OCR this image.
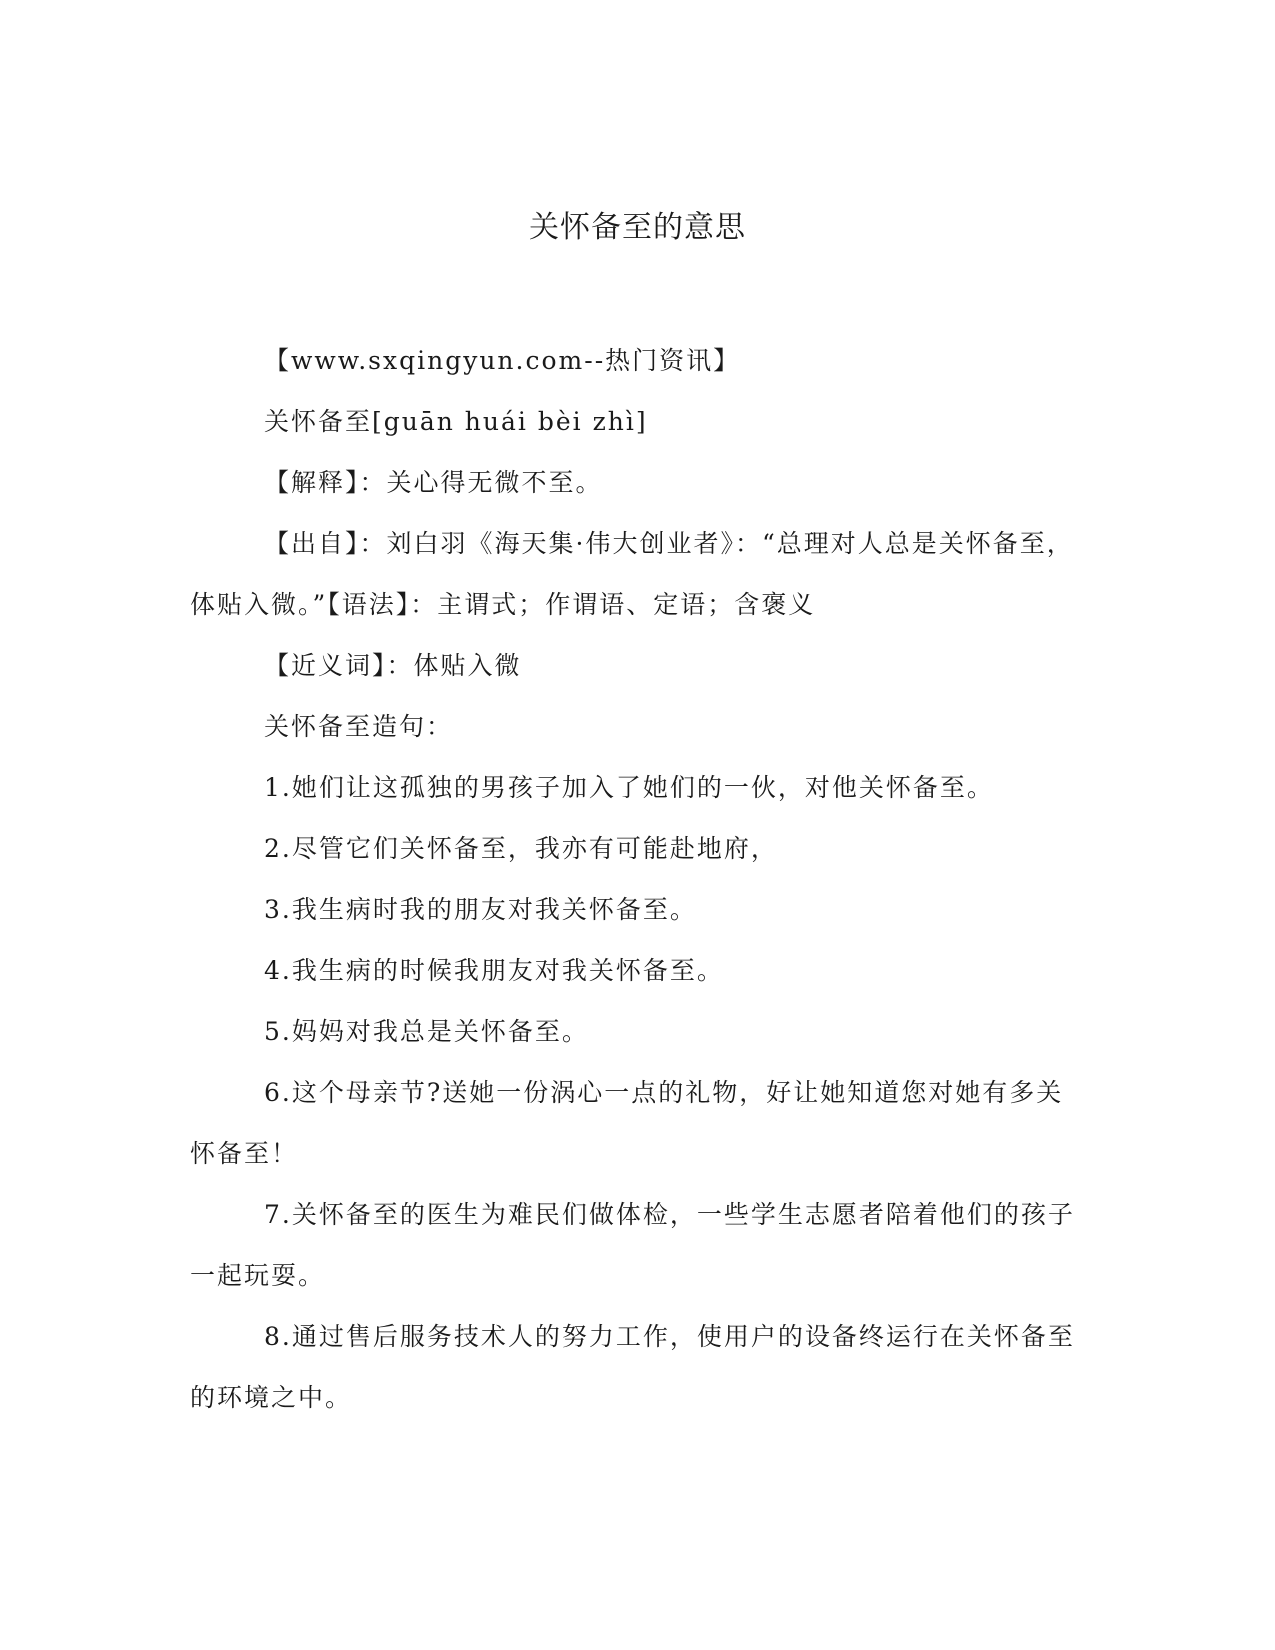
关怀备至的意思

【www.sxqingyun.com--热门资讯】

关怀备至[guān huái bèi zhì]

【解释】：关心得无微不至。

【出自】：刘白羽《海天集·伟大创业者》：“总理对人总是关怀备至，体贴入微。”【语法】：主谓式；作谓语、定语；含褒义

【近义词】：体贴入微

关怀备至造句：

1.她们让这孤独的男孩子加入了她们的一伙，对他关怀备至。

2.尽管它们关怀备至，我亦有可能赴地府，

3.我生病时我的朋友对我关怀备至。

4.我生病的时候我朋友对我关怀备至。

5.妈妈对我总是关怀备至。

6.这个母亲节?送她一份涡心一点的礼物，好让她知道您对她有多关怀备至！

7.关怀备至的医生为难民们做体检，一些学生志愿者陪着他们的孩子一起玩耍。

8.通过售后服务技术人的努力工作，使用户的设备终运行在关怀备至的环境之中。
